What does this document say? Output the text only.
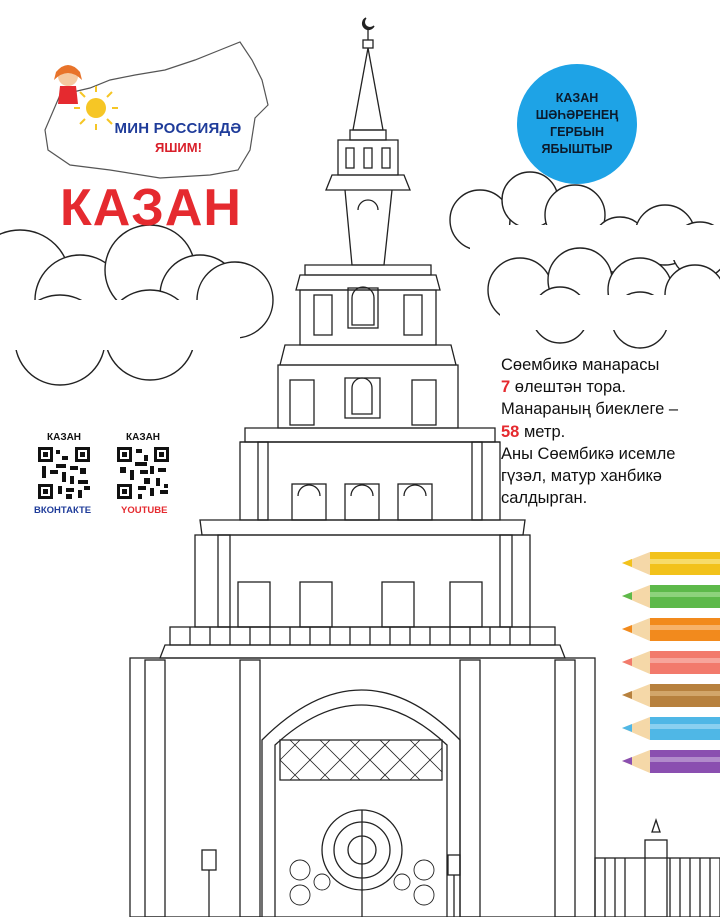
МИН РОССИЯДӘ
ЯШИМ!
КАЗАН
КАЗАН
ШӘҺӘРЕНЕҢ
ГЕРБЫН
ЯБЫШТЫР
Сөембикә манарасы
7 өлештән тора.
Манараның биеклеге –
58 метр.
Аны Сөембикә исемле
гүзәл, матур ханбикә
салдырган.
КАЗАН	КАЗАН
ВКОНТАКТЕ	YOUTUBE
